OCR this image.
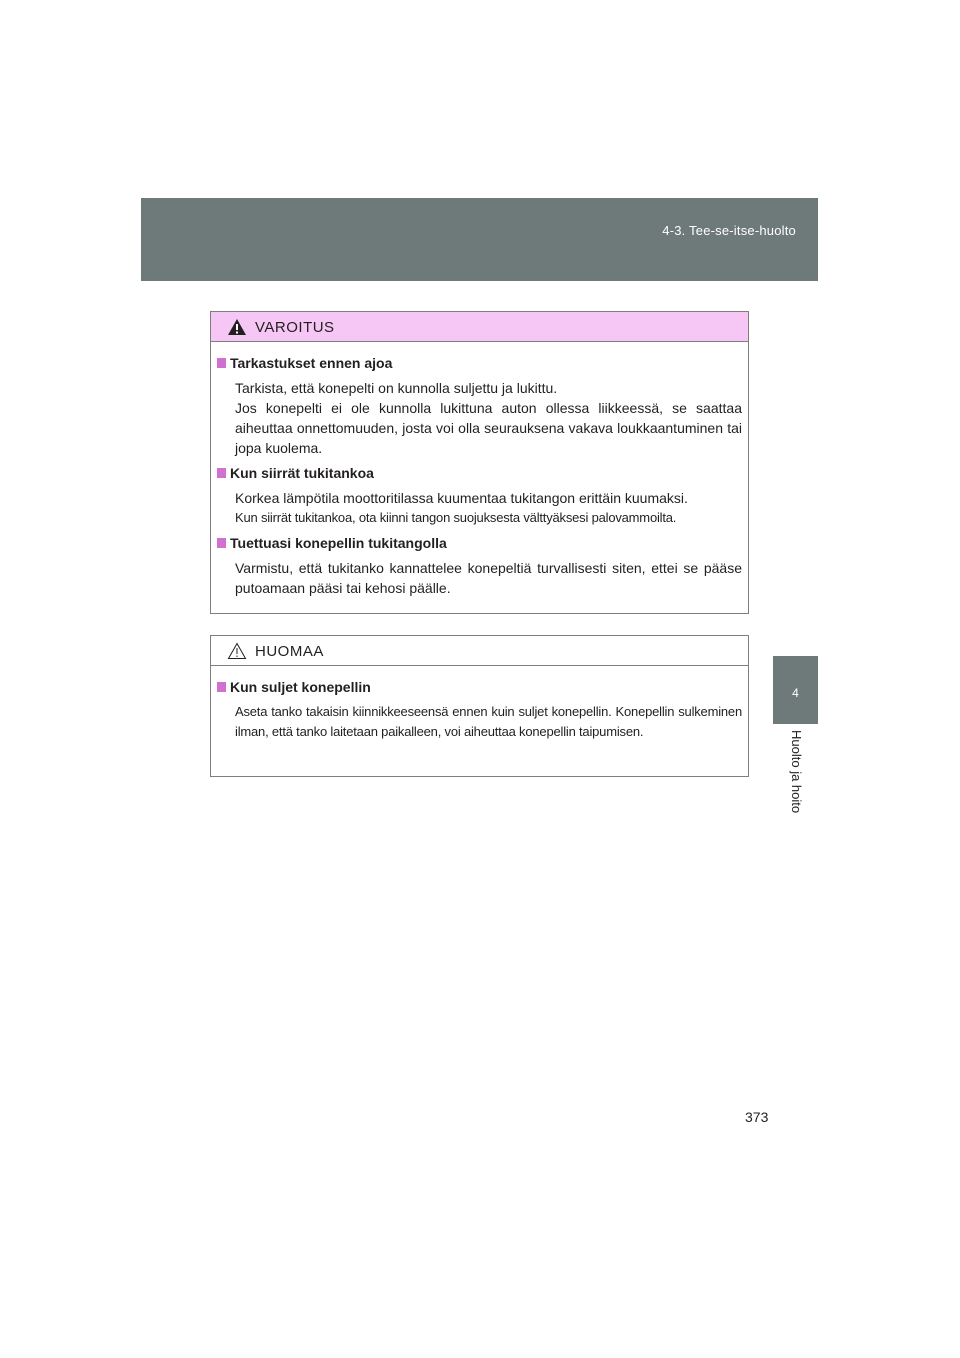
4-3. Tee-se-itse-huolto
4
Huolto ja hoito
VAROITUS
Tarkastukset ennen ajoa

Tarkista, että konepelti on kunnolla suljettu ja lukittu.

Jos konepelti ei ole kunnolla lukittuna auton ollessa liikkeessä, se saattaa aiheuttaa onnettomuuden, josta voi olla seurauksena vakava loukkaantuminen tai jopa kuolema.

Kun siirrät tukitankoa

Korkea lämpötila moottoritilassa kuumentaa tukitangon erittäin kuumaksi.

Kun siirrät tukitankoa, ota kiinni tangon suojuksesta välttyäksesi palovammoilta.

Tuettuasi konepellin tukitangolla

Varmistu, että tukitanko kannattelee konepeltiä turvallisesti siten, ettei se pääse putoamaan pääsi tai kehosi päälle.

HUOMAA
Kun suljet konepellin

Aseta tanko takaisin kiinnikkeeseensä ennen kuin suljet konepellin. Konepellin sulkeminen ilman, että tanko laitetaan paikalleen, voi aiheuttaa konepellin taipumisen.

373
